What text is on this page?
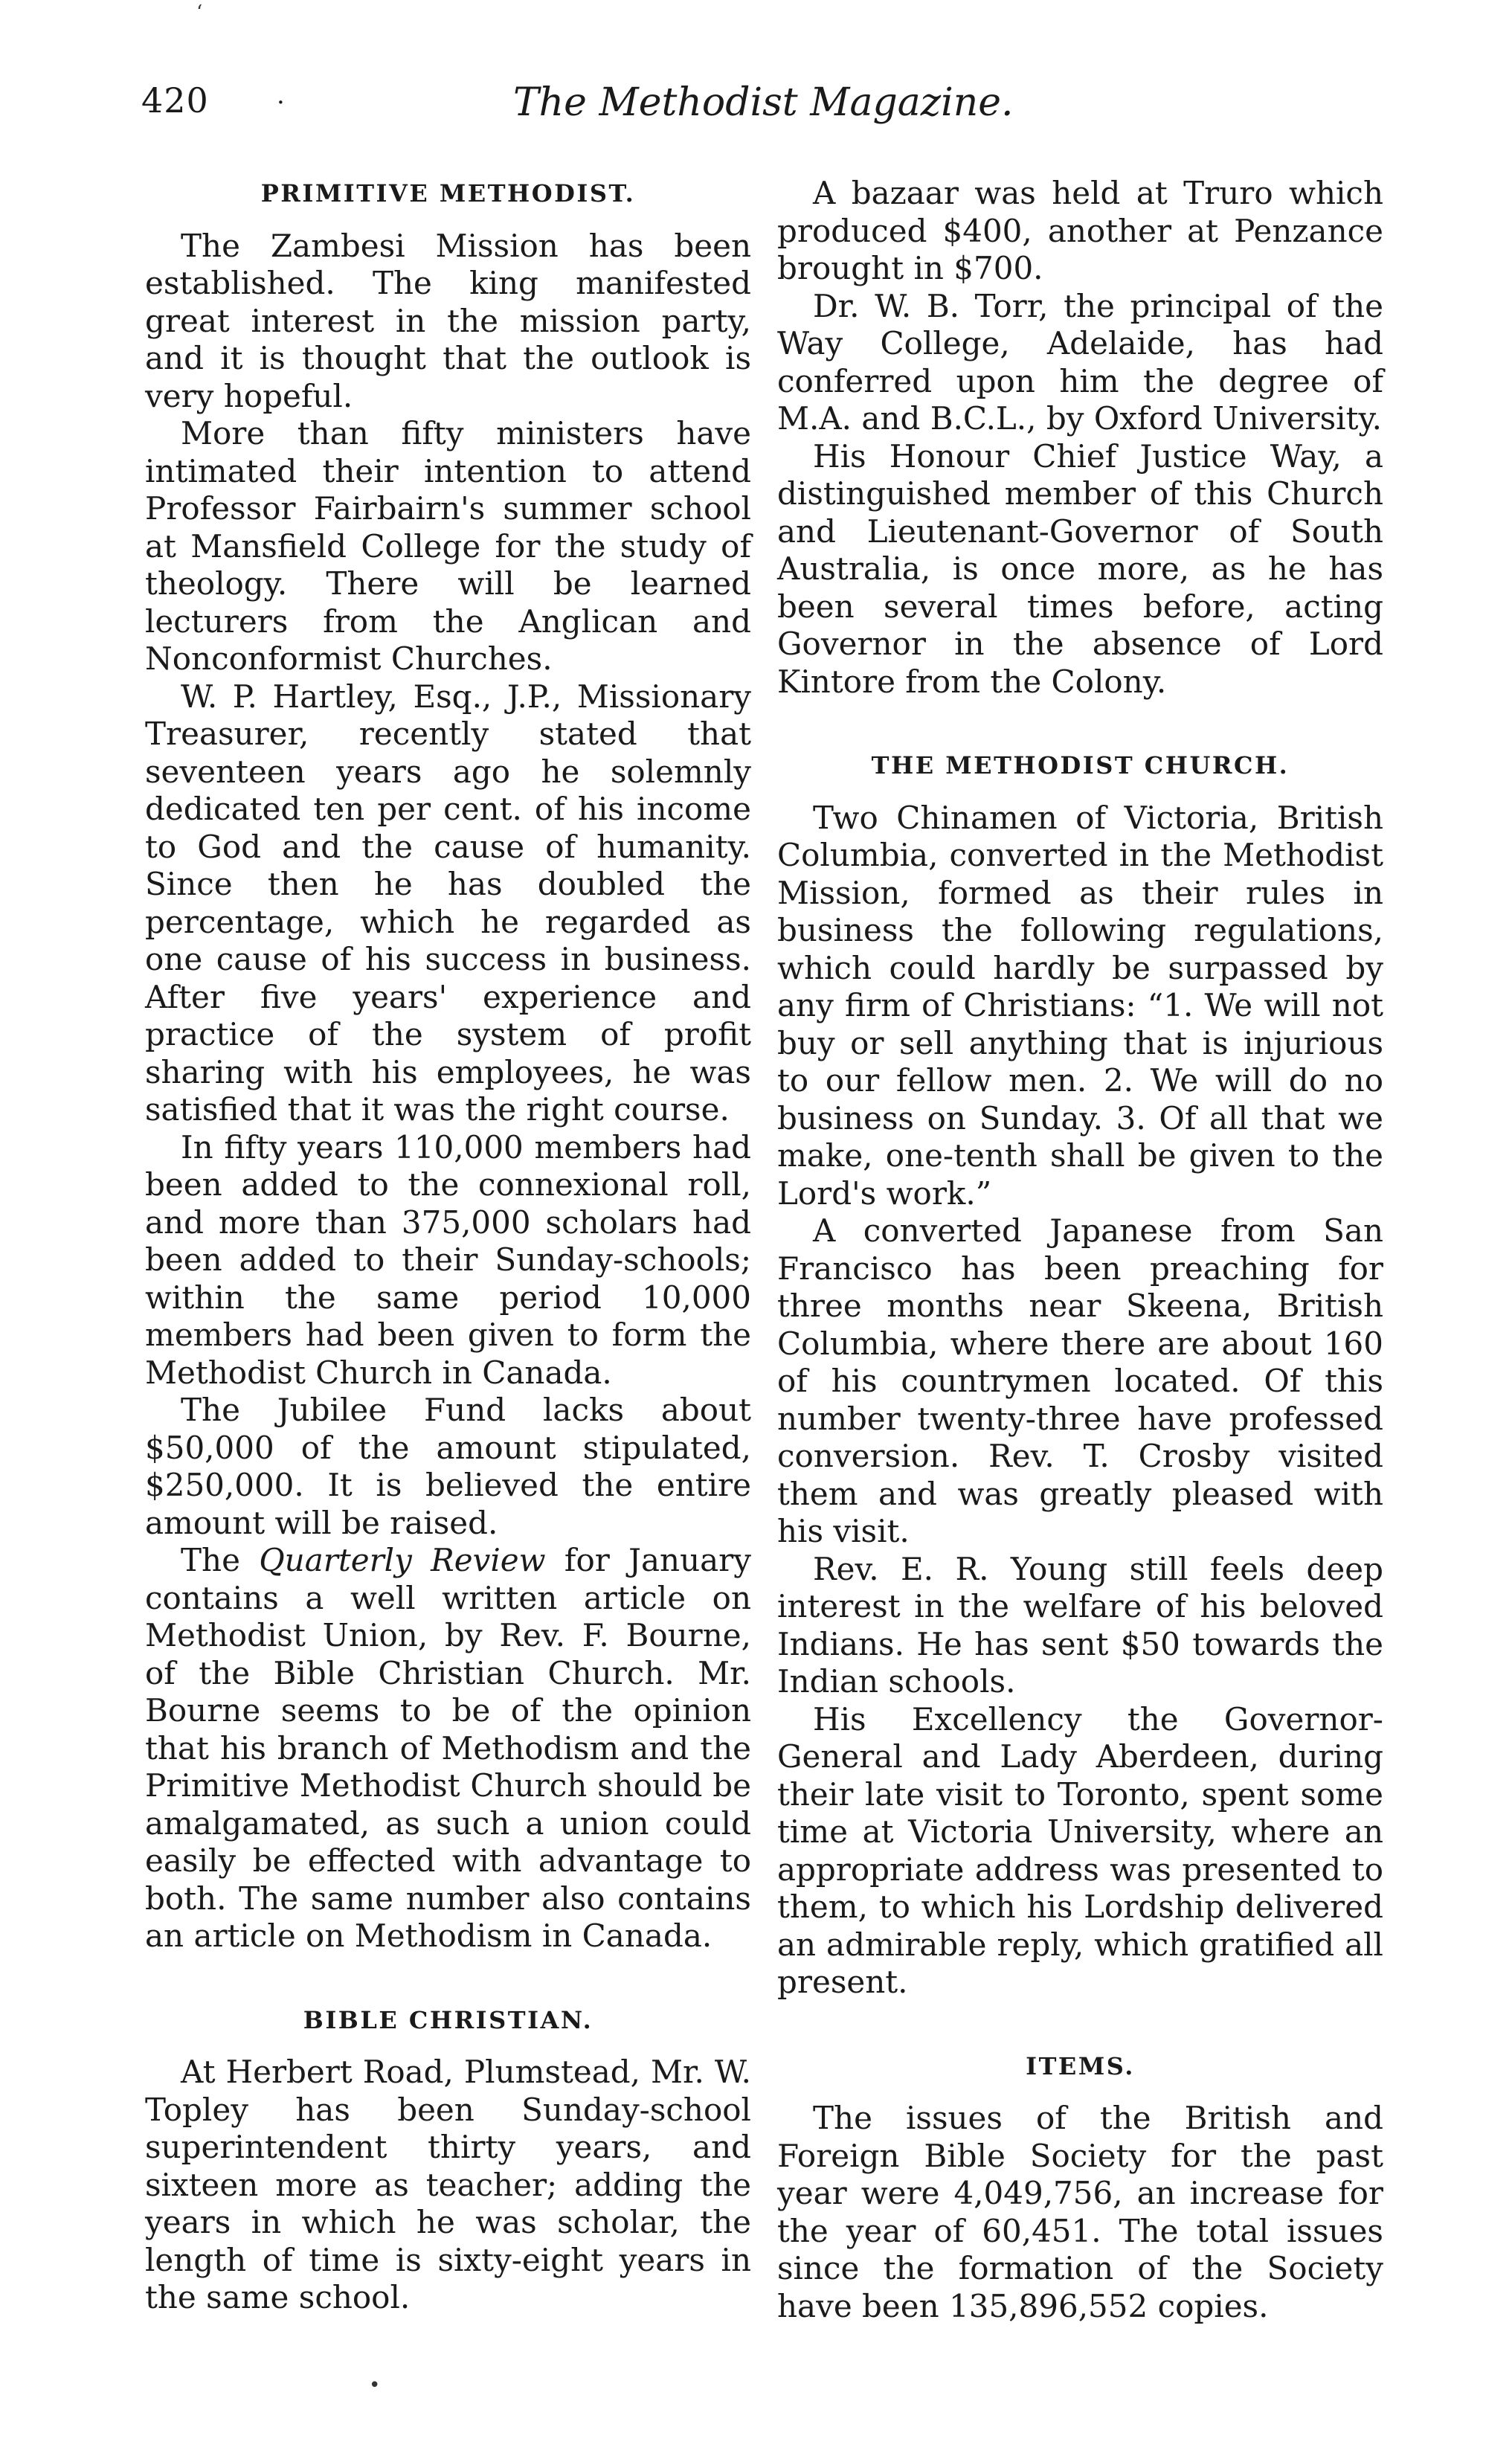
‘
420	·	The Methodist Magazine.
PRIMITIVE METHODIST.

The Zambesi Mission has been established. The king manifested great interest in the mission party, and it is thought that the outlook is very hopeful.

More than fifty ministers have intimated their intention to attend Professor Fairbairn's summer school at Mansfield College for the study of theology. There will be learned lecturers from the Anglican and Nonconformist Churches.

W. P. Hartley, Esq., J.P., Missionary Treasurer, recently stated that seventeen years ago he solemnly dedicated ten per cent. of his income to God and the cause of humanity. Since then he has doubled the percentage, which he regarded as one cause of his success in business. After five years' experience and practice of the system of profit sharing with his employees, he was satisfied that it was the right course.

In fifty years 110,000 members had been added to the connexional roll, and more than 375,000 scholars had been added to their Sunday-schools; within the same period 10,000 members had been given to form the Methodist Church in Canada.

The Jubilee Fund lacks about $50,000 of the amount stipulated, $250,000. It is believed the entire amount will be raised.

The Quarterly Review for January contains a well written article on Methodist Union, by Rev. F. Bourne, of the Bible Christian Church. Mr. Bourne seems to be of the opinion that his branch of Methodism and the Primitive Methodist Church should be amalgamated, as such a union could easily be effected with advantage to both. The same number also contains an article on Methodism in Canada.

BIBLE CHRISTIAN.

At Herbert Road, Plumstead, Mr. W. Topley has been Sunday-school superintendent thirty years, and sixteen more as teacher; adding the years in which he was scholar, the length of time is sixty-eight years in the same school.

A bazaar was held at Truro which produced $400, another at Penzance brought in $700.

Dr. W. B. Torr, the principal of the Way College, Adelaide, has had conferred upon him the degree of M.A. and B.C.L., by Oxford University.

His Honour Chief Justice Way, a distinguished member of this Church and Lieutenant-Governor of South Australia, is once more, as he has been several times before, acting Governor in the absence of Lord Kintore from the Colony.

THE METHODIST CHURCH.

Two Chinamen of Victoria, British Columbia, converted in the Methodist Mission, formed as their rules in business the following regulations, which could hardly be surpassed by any firm of Christians: “1. We will not buy or sell anything that is injurious to our fellow men. 2. We will do no business on Sunday. 3. Of all that we make, one-tenth shall be given to the Lord's work.”

A converted Japanese from San Francisco has been preaching for three months near Skeena, British Columbia, where there are about 160 of his countrymen located. Of this number twenty-three have professed conversion. Rev. T. Crosby visited them and was greatly pleased with his visit.

Rev. E. R. Young still feels deep interest in the welfare of his beloved Indians. He has sent $50 towards the Indian schools.

His Excellency the Governor-General and Lady Aberdeen, during their late visit to Toronto, spent some time at Victoria University, where an appropriate address was presented to them, to which his Lordship delivered an admirable reply, which gratified all present.

ITEMS.

The issues of the British and Foreign Bible Society for the past year were 4,049,756, an increase for the year of 60,451. The total issues since the formation of the Society have been 135,896,552 copies.

•
